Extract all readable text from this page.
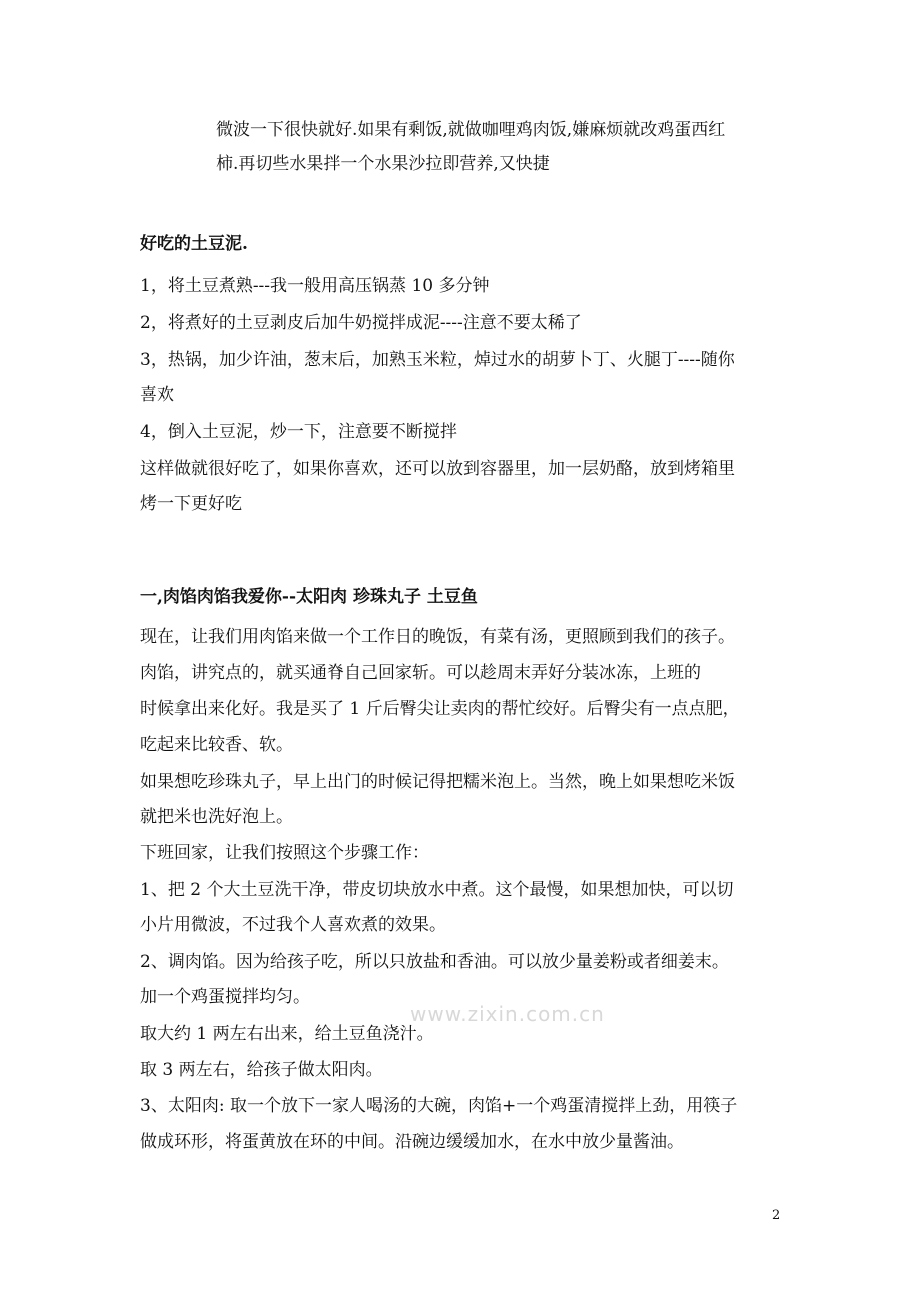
微波一下很快就好.如果有剩饭,就做咖哩鸡肉饭,嫌麻烦就改鸡蛋西红
柿.再切些水果拌一个水果沙拉即营养,又快捷
好吃的土豆泥.
1，将土豆煮熟---我一般用高压锅蒸 10 多分钟
2，将煮好的土豆剥皮后加牛奶搅拌成泥----注意不要太稀了
3，热锅，加少许油，葱末后，加熟玉米粒，焯过水的胡萝卜丁、火腿丁----随你
喜欢
4，倒入土豆泥，炒一下，注意要不断搅拌
这样做就很好吃了，如果你喜欢，还可以放到容器里，加一层奶酪，放到烤箱里
烤一下更好吃
一,肉馅肉馅我爱你--太阳肉 珍珠丸子 土豆鱼
现在，让我们用肉馅来做一个工作日的晚饭，有菜有汤，更照顾到我们的孩子。
肉馅，讲究点的，就买通脊自己回家斩。可以趁周末弄好分装冰冻，上班的
时候拿出来化好。我是买了 1 斤后臀尖让卖肉的帮忙绞好。后臀尖有一点点肥，
吃起来比较香、软。
如果想吃珍珠丸子，早上出门的时候记得把糯米泡上。当然，晚上如果想吃米饭
就把米也洗好泡上。
下班回家，让我们按照这个步骤工作：
1、把 2 个大土豆洗干净，带皮切块放水中煮。这个最慢，如果想加快，可以切
小片用微波，不过我个人喜欢煮的效果。
2、调肉馅。因为给孩子吃，所以只放盐和香油。可以放少量姜粉或者细姜末。
加一个鸡蛋搅拌均匀。
取大约 1 两左右出来，给土豆鱼浇汁。
取 3 两左右，给孩子做太阳肉。
3、太阳肉: 取一个放下一家人喝汤的大碗，肉馅+一个鸡蛋清搅拌上劲，用筷子
做成环形，将蛋黄放在环的中间。沿碗边缓缓加水，在水中放少量酱油。
www.zixin.com.cn
2
